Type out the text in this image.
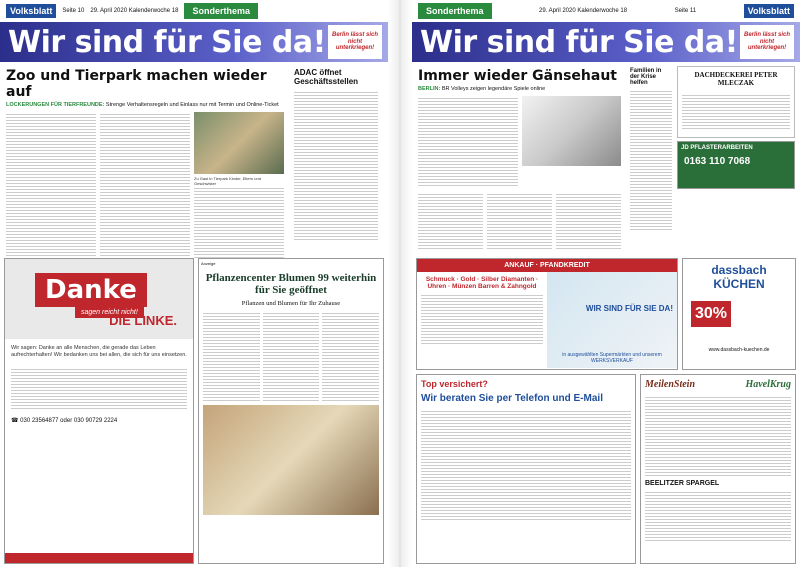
Volksblatt	Seite 10 29. April 2020 Kalenderwoche 18	Sonderthema
Wir sind für Sie da!	Berlin lässt sich nicht unterkriegen!
Zoo und Tierpark machen wieder auf
LOCKERUNGEN FÜR TIERFREUNDE: Strenge Verhaltensregeln und Einlass nur mit Termin und Online-Ticket
Zu Gast in Tierpark Kinder, Eltern und Geschwister
ADAC öffnet Geschäftsstellen
Danke
sagen reicht nicht!
DIE LINKE.
Wir sagen: Danke an alle Menschen, die gerade das Leben aufrechterhalten! Wir bedanken uns bei allen, die sich für uns einsetzen.
☎ 030 23564877 oder 030 90729 2224
Anzeige
Pflanzencenter Blumen 99 weiterhin für Sie geöffnet
Pflanzen und Blumen für Ihr Zuhause
Sonderthema	29. April 2020 Kalenderwoche 18	Seite 11	Volksblatt
Wir sind für Sie da!	Berlin lässt sich nicht unterkriegen!
Immer wieder Gänsehaut
BERLIN: BR Volleys zeigen legendäre Spiele online
Familien in der Krise helfen
DACHDECKEREI PETER MLECZAK
JD PFLASTERARBEITEN
0163 110 7068
ANKAUF · PFANDKREDIT
Schmuck · Gold · Silber Diamanten · Uhren · Münzen Barren & Zahngold
WIR SIND FÜR SIE DA!
in ausgewählten Supermärkten und unserem WERKSVERKAUF
dassbach KÜCHEN
30%
www.dassbach-kuechen.de
Top versichert?
Wir beraten Sie per Telefon und E-Mail
MeilenStein	HavelKrug
BEELITZER SPARGEL
